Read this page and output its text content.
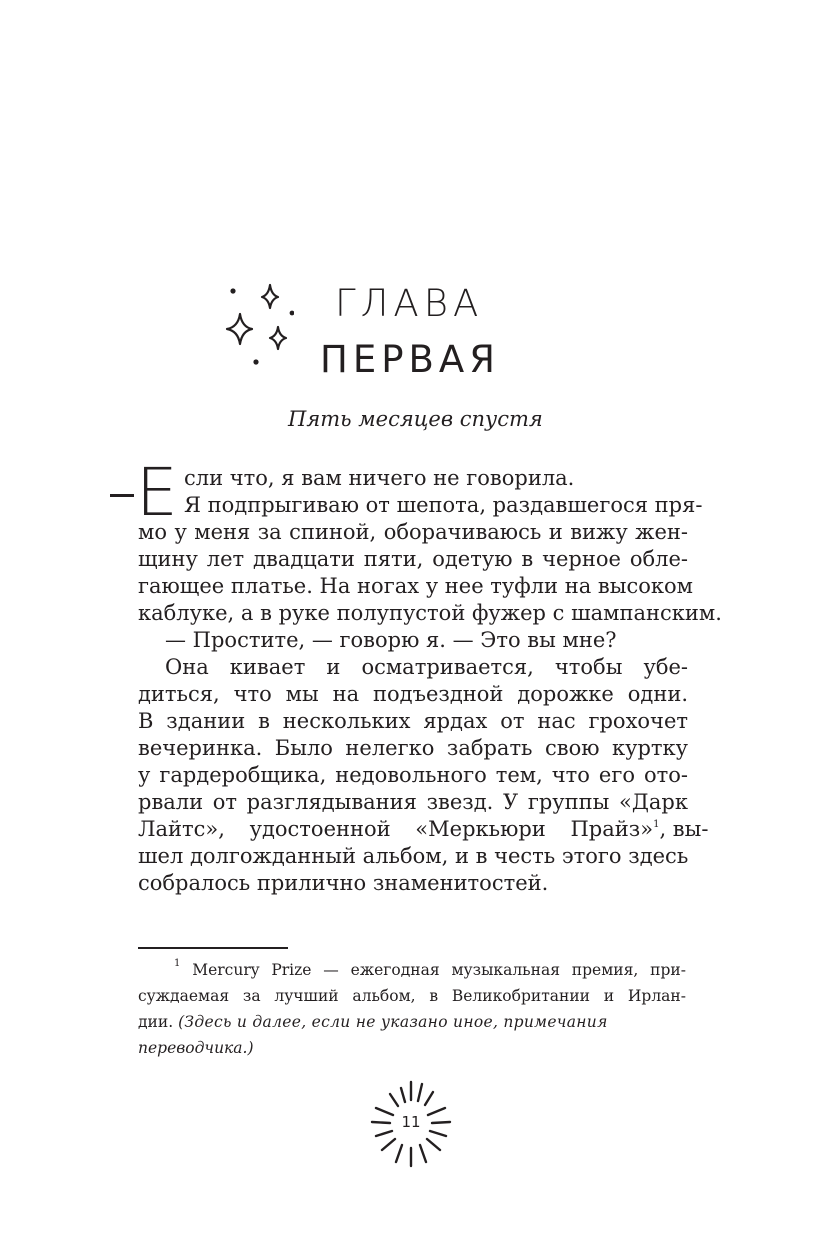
ГЛАВА
ПЕРВАЯ
Пять месяцев спустя
Е сли что, я вам ничего не говорила.
Я подпрыгиваю от шепота, раздавшегося пря-
мо у меня за спиной, оборачиваюсь и вижу жен-
щину лет двадцати пяти, одетую в черное обле-
гающее платье. На ногах у нее туфли на высоком
каблуке, а в руке полупустой фужер с шампанским.
— Простите, — говорю я. — Это вы мне?
Она кивает и осматривается, чтобы убе-
диться, что мы на подъездной дорожке одни.
В здании в нескольких ярдах от нас грохочет
вечеринка. Было нелегко забрать свою куртку
у гардеробщика, недовольного тем, что его ото-
рвали от разглядывания звезд. У группы «Дарк
Лайтс», удостоенной «Меркьюри Прайз» $^1$, вы-
шел долгожданный альбом, и в честь этого здесь
собралось прилично знаменитостей.
$^1$ Mercury Prize — ежегодная музыкальная премия, при-
суждаемая за лучший альбом, в Великобритании и Ирлан-
дии. (Здесь и далее, если не указано иное, примечания
переводчика.)
11
